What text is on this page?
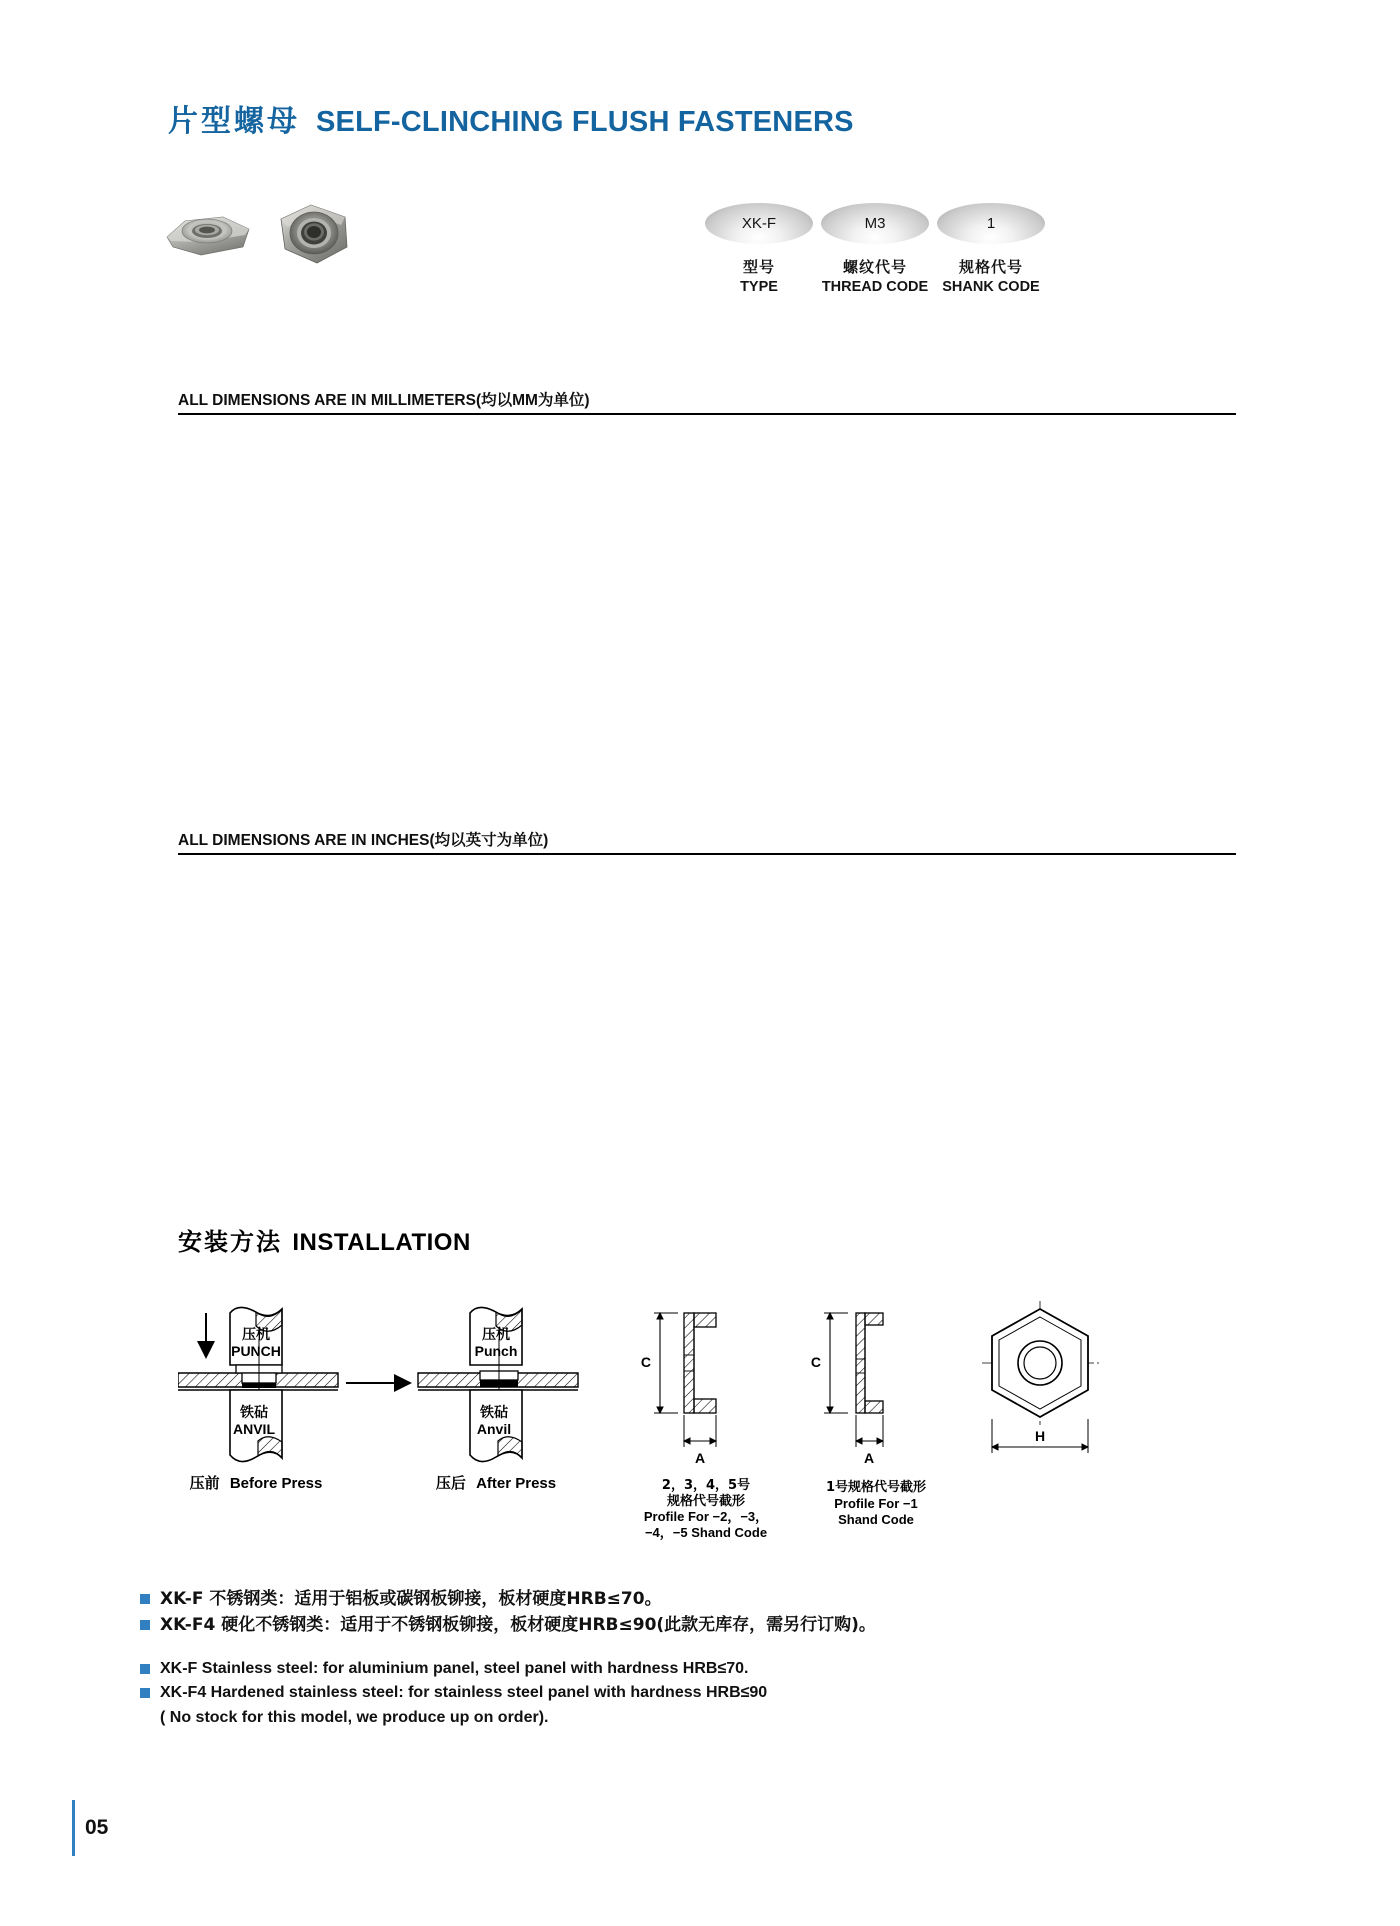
片型螺母 SELF-CLINCHING FLUSH FASTENERS
XK-F
型号
TYPE
M3
螺纹代号
THREAD CODE
1
规格代号
SHANK CODE
ALL DIMENSIONS ARE IN MILLIMETERS(均以MM为单位)
ALL DIMENSIONS ARE IN INCHES(均以英寸为单位)
安装方法 INSTALLATION
压机
PUNCH
铁砧
ANVIL
压前 Before Press
压机
Punch
铁砧
Anvil
压后 After Press
C
A
2，3，4，5号
规格代号截形
Profile For −2，−3，
−4，−5 Shand Code
C
A
1号规格代号截形
Profile For −1
Shand Code
H
XK-F 不锈钢类：适用于铝板或碳钢板铆接，板材硬度HRB≤70。
XK-F4 硬化不锈钢类：适用于不锈钢板铆接，板材硬度HRB≤90(此款无库存，需另行订购)。
XK-F Stainless steel: for aluminium panel, steel panel with hardness HRB≤70.
XK-F4 Hardened stainless steel: for stainless steel panel with hardness HRB≤90
( No stock for this model, we produce up on order).
05
